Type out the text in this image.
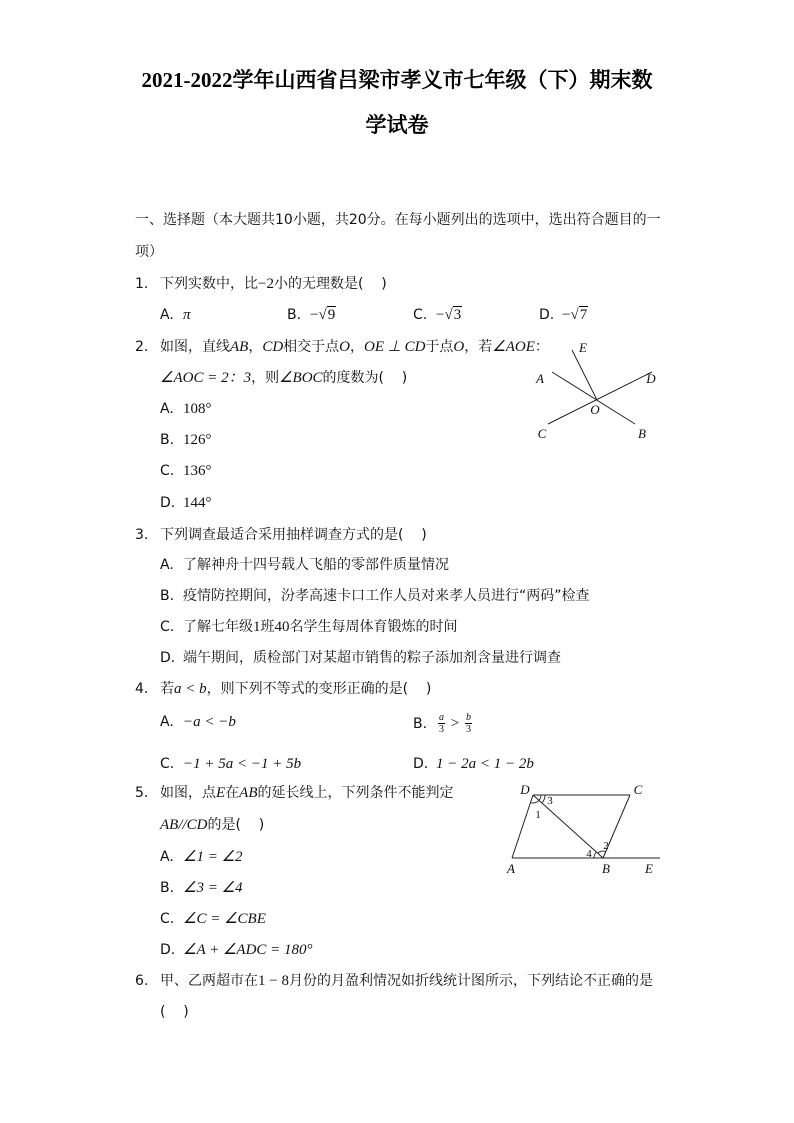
2021-2022学年山西省吕梁市孝义市七年级（下）期末数
学试卷
一、选择题（本大题共10小题，共20分。在每小题列出的选项中，选出符合题目的一
项）
1. 下列实数中，比−2小的无理数是(    )
A. π	B. −√9	C. −√3	D. −√7
2. 如图，直线AB，CD相交于点O，OE ⊥ CD于点O，若∠AOE：
∠AOC = 2：3，则∠BOC的度数为(    )
A. 108°
B. 126°
C. 136°
D. 144°
E
A	D
O
C	B
3. 下列调查最适合采用抽样调查方式的是(    )
A. 了解神舟十四号载人飞船的零部件质量情况
B. 疫情防控期间，汾孝高速卡口工作人员对来孝人员进行“两码”检查
C. 了解七年级1班40名学生每周体育锻炼的时间
D. 端午期间，质检部门对某超市销售的粽子添加剂含量进行调查
4. 若a < b，则下列不等式的变形正确的是(    )
A. −a < −b	B. $\frac{a}{3} > \frac{b}{3}$
C. −1 + 5a < −1 + 5b	D. 1 − 2a < 1 − 2b
5. 如图，点E在AB的延长线上，下列条件不能判定
AB//CD的是(    )
A. ∠1 = ∠2
B. ∠3 = ∠4
C. ∠C = ∠CBE
D. ∠A + ∠ADC = 180°
D	C
3
1
2
4
A	B	E
6. 甲、乙两超市在1 − 8月份的月盈利情况如折线统计图所示，下列结论不正确的是
(    )
